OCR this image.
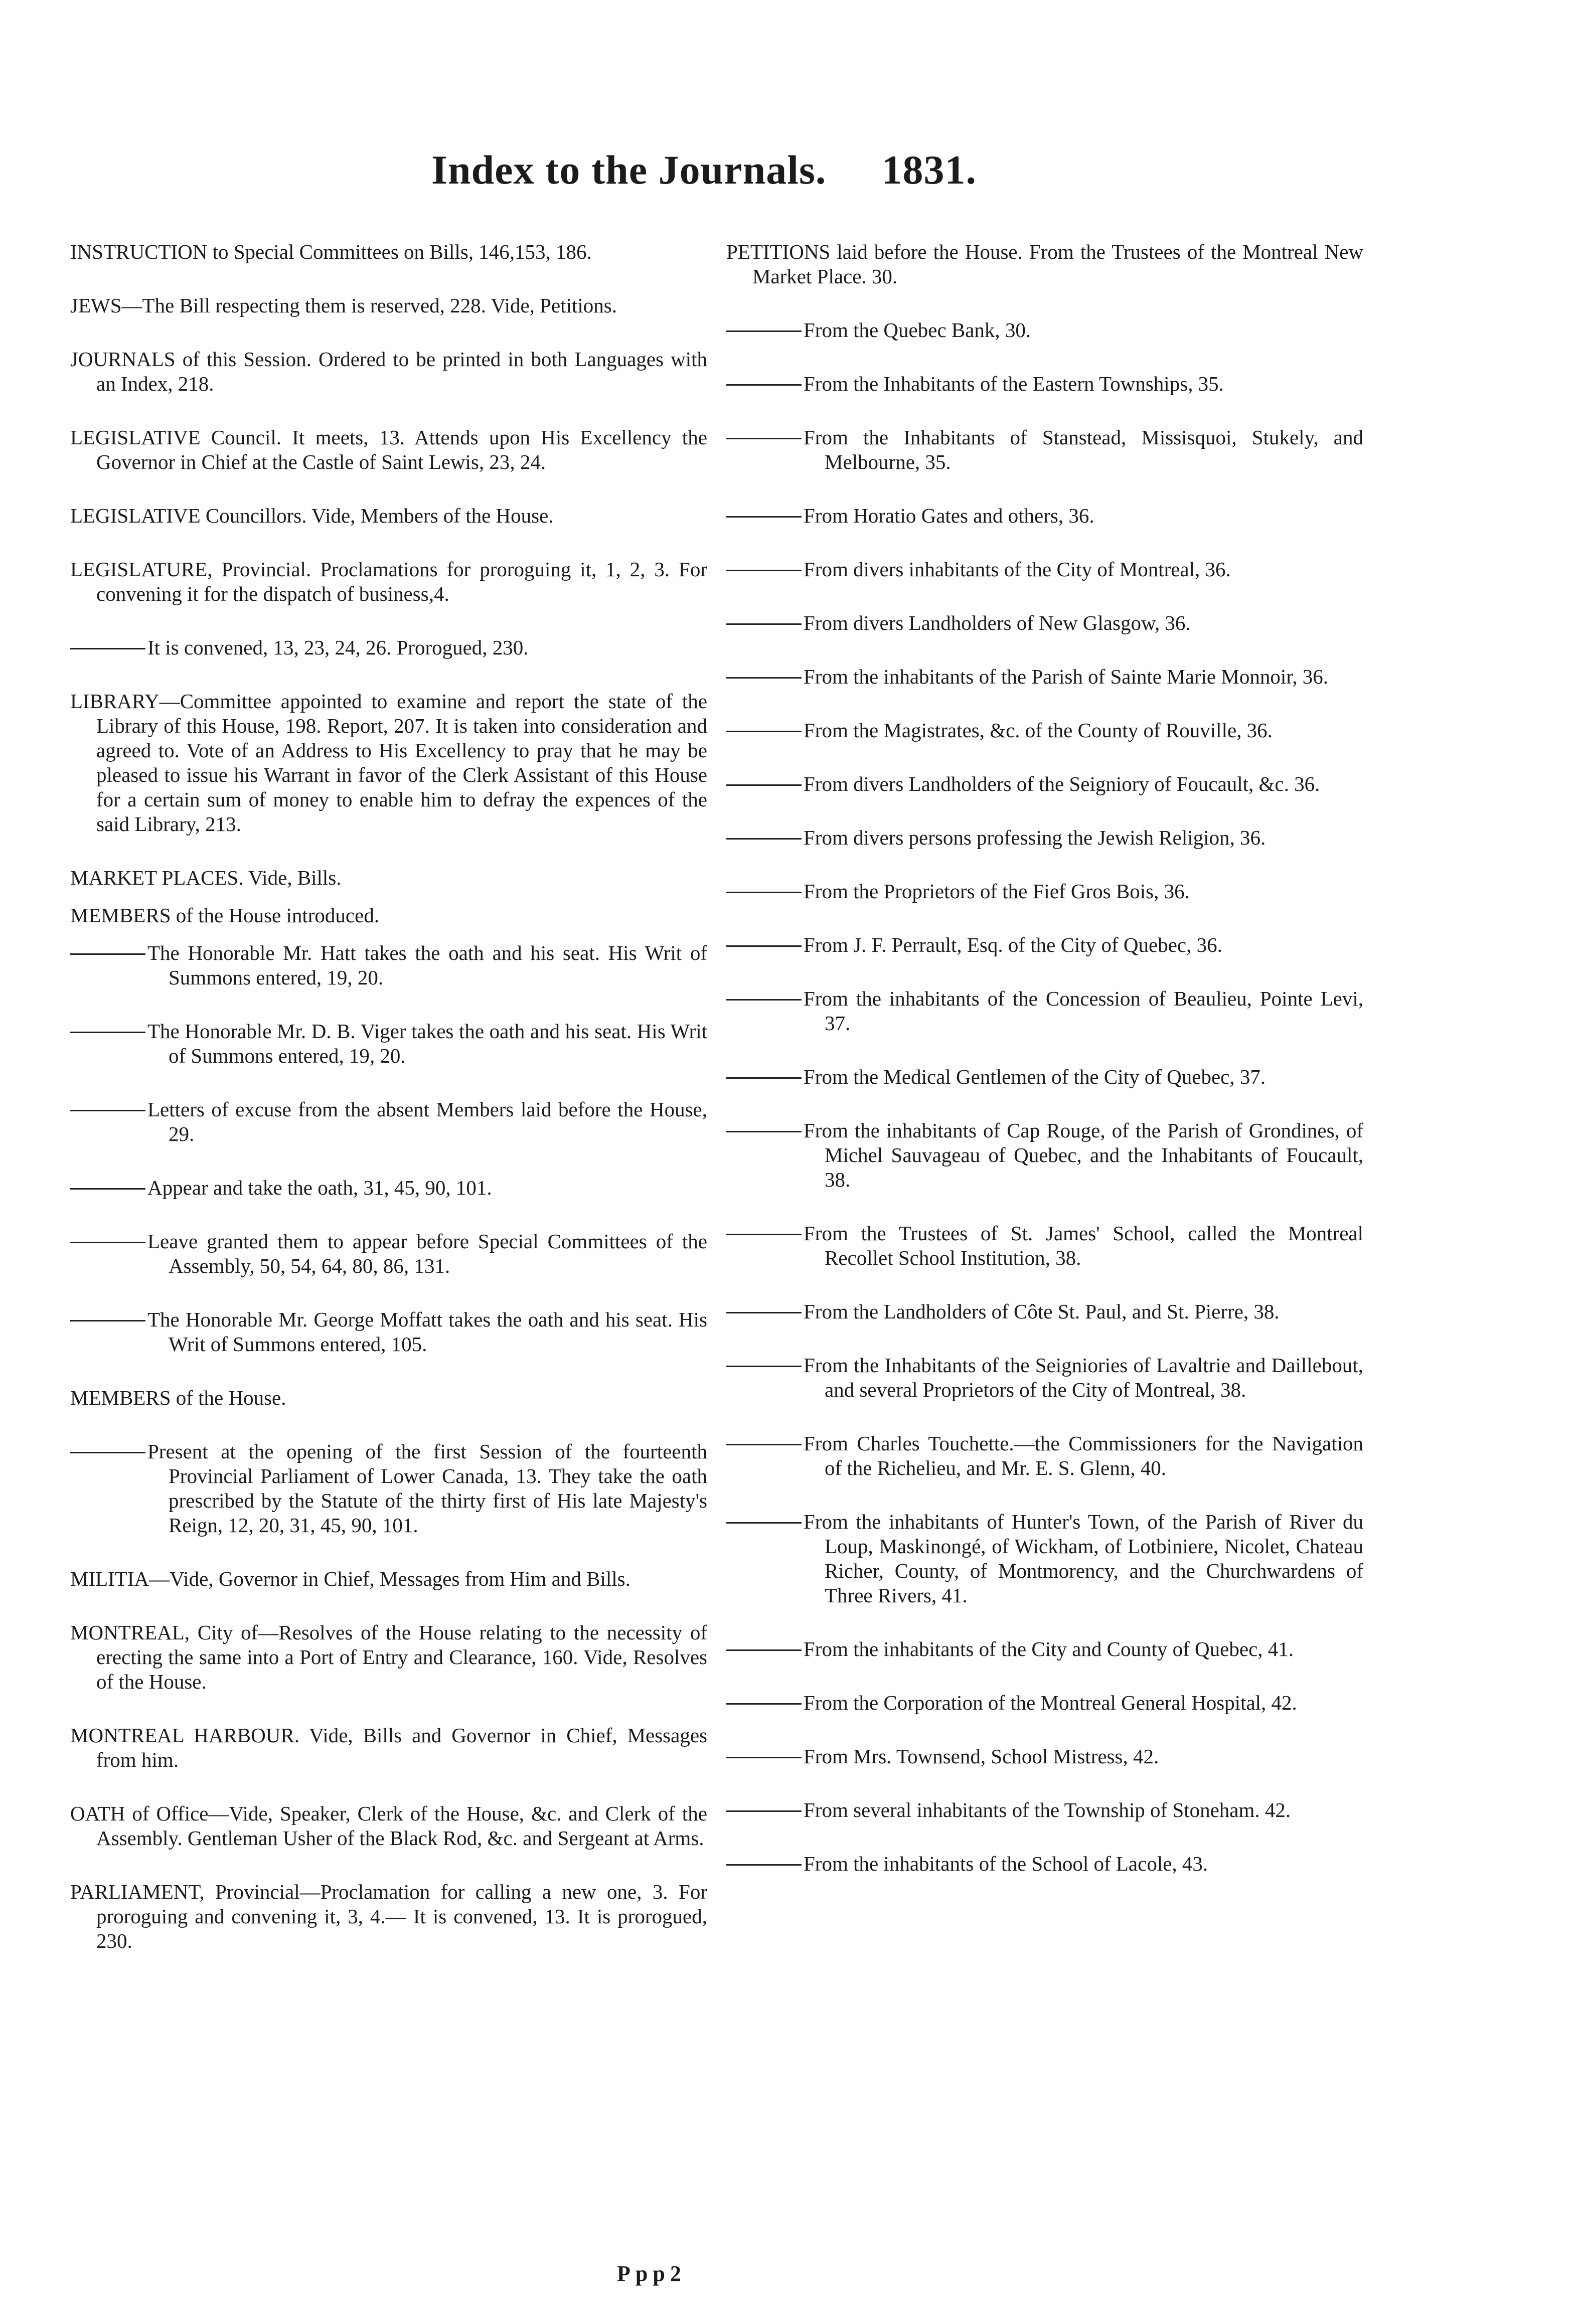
Index to the Journals. 1831.
INSTRUCTION to Special Committees on Bills, 146,153, 186.
JEWS—The Bill respecting them is reserved, 228. Vide, Petitions.
JOURNALS of this Session. Ordered to be printed in both Languages with an Index, 218.
LEGISLATIVE Council. It meets, 13. Attends upon His Excellency the Governor in Chief at the Castle of Saint Lewis, 23, 24.
LEGISLATIVE Councillors. Vide, Members of the House.
LEGISLATURE, Provincial. Proclamations for proroguing it, 1, 2, 3. For convening it for the dispatch of business,4.
It is convened, 13, 23, 24, 26. Prorogued, 230.
LIBRARY—Committee appointed to examine and report the state of the Library of this House, 198. Report, 207. It is taken into consideration and agreed to. Vote of an Address to His Excellency to pray that he may be pleased to issue his Warrant in favor of the Clerk Assistant of this House for a certain sum of money to enable him to defray the expences of the said Library, 213.
MARKET PLACES. Vide, Bills.
MEMBERS of the House introduced.
The Honorable Mr. Hatt takes the oath and his seat. His Writ of Summons entered, 19, 20.
The Honorable Mr. D. B. Viger takes the oath and his seat. His Writ of Summons entered, 19, 20.
Letters of excuse from the absent Members laid before the House, 29.
Appear and take the oath, 31, 45, 90, 101.
Leave granted them to appear before Special Committees of the Assembly, 50, 54, 64, 80, 86, 131.
The Honorable Mr. George Moffatt takes the oath and his seat. His Writ of Summons entered, 105.
MEMBERS of the House.
Present at the opening of the first Session of the fourteenth Provincial Parliament of Lower Canada, 13. They take the oath prescribed by the Statute of the thirty first of His late Majesty's Reign, 12, 20, 31, 45, 90, 101.
MILITIA—Vide, Governor in Chief, Messages from Him and Bills.
MONTREAL, City of—Resolves of the House relating to the necessity of erecting the same into a Port of Entry and Clearance, 160. Vide, Resolves of the House.
MONTREAL HARBOUR. Vide, Bills and Governor in Chief, Messages from him.
OATH of Office—Vide, Speaker, Clerk of the House, &c. and Clerk of the Assembly. Gentleman Usher of the Black Rod, &c. and Sergeant at Arms.
PARLIAMENT, Provincial—Proclamation for calling a new one, 3. For proroguing and convening it, 3, 4.— It is convened, 13. It is prorogued, 230.
PETITIONS laid before the House. From the Trustees of the Montreal New Market Place. 30.
From the Quebec Bank, 30.
From the Inhabitants of the Eastern Townships, 35.
From the Inhabitants of Stanstead, Missisquoi, Stukely, and Melbourne, 35.
From Horatio Gates and others, 36.
From divers inhabitants of the City of Montreal, 36.
From divers Landholders of New Glasgow, 36.
From the inhabitants of the Parish of Sainte Marie Monnoir, 36.
From the Magistrates, &c. of the County of Rouville, 36.
From divers Landholders of the Seigniory of Foucault, &c. 36.
From divers persons professing the Jewish Religion, 36.
From the Proprietors of the Fief Gros Bois, 36.
From J. F. Perrault, Esq. of the City of Quebec, 36.
From the inhabitants of the Concession of Beaulieu, Pointe Levi, 37.
From the Medical Gentlemen of the City of Quebec, 37.
From the inhabitants of Cap Rouge, of the Parish of Grondines, of Michel Sauvageau of Quebec, and the Inhabitants of Foucault, 38.
From the Trustees of St. James' School, called the Montreal Recollet School Institution, 38.
From the Landholders of Côte St. Paul, and St. Pierre, 38.
From the Inhabitants of the Seigniories of Lavaltrie and Daillebout, and several Proprietors of the City of Montreal, 38.
From Charles Touchette.—the Commissioners for the Navigation of the Richelieu, and Mr. E. S. Glenn, 40.
From the inhabitants of Hunter's Town, of the Parish of River du Loup, Maskinongé, of Wickham, of Lotbiniere, Nicolet, Chateau Richer, County, of Montmorency, and the Churchwardens of Three Rivers, 41.
From the inhabitants of the City and County of Quebec, 41.
From the Corporation of the Montreal General Hospital, 42.
From Mrs. Townsend, School Mistress, 42.
From several inhabitants of the Township of Stoneham. 42.
From the inhabitants of the School of Lacole, 43.
Ppp2
